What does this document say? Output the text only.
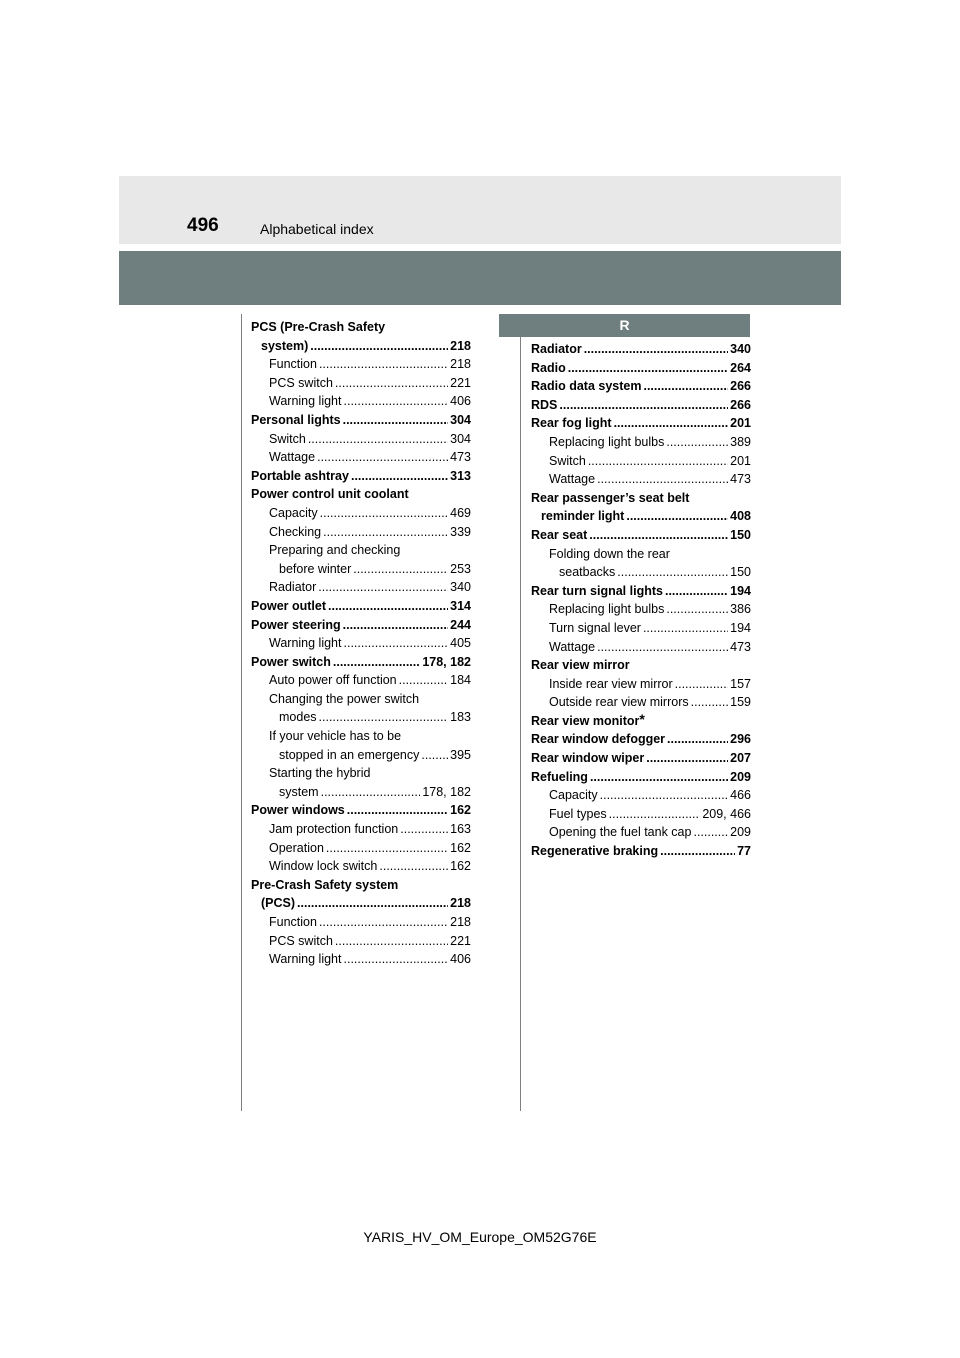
496	Alphabetical index
R
PCS (Pre-Crash Safety
system) .....	218
Function .....	218
PCS switch .....	221
Warning light .....	406
Personal lights .....	304
Switch .....	304
Wattage .....	473
Portable ashtray .....	313
Power control unit coolant
Capacity .....	469
Checking .....	339
Preparing and checking
before winter .....	253
Radiator .....	340
Power outlet .....	314
Power steering .....	244
Warning light .....	405
Power switch .....	178, 182
Auto power off function .....	184
Changing the power switch
modes .....	183
If your vehicle has to be
stopped in an emergency ..... 395
Starting the hybrid
system .....	178, 182
Power windows .....	162
Jam protection function .....	163
Operation .....	162
Window lock switch .....	162
Pre-Crash Safety system
(PCS) .....	218
Function .....	218
PCS switch .....	221
Warning light .....	406
Radiator .....	340
Radio .....	264
Radio data system .....	266
RDS .....	266
Rear fog light .....	201
Replacing light bulbs .....	389
Switch .....	201
Wattage .....	473
Rear passenger’s seat belt
reminder light .....	408
Rear seat .....	150
Folding down the rear
seatbacks .....	150
Rear turn signal lights .....	194
Replacing light bulbs .....	386
Turn signal lever .....	194
Wattage .....	473
Rear view mirror
Inside rear view mirror .....	157
Outside rear view mirrors .....	159
Rear view monitor*
Rear window defogger .....	296
Rear window wiper .....	207
Refueling .....	209
Capacity .....	466
Fuel types .....	209, 466
Opening the fuel tank cap .....	209
Regenerative braking .....	77
YARIS_HV_OM_Europe_OM52G76E
